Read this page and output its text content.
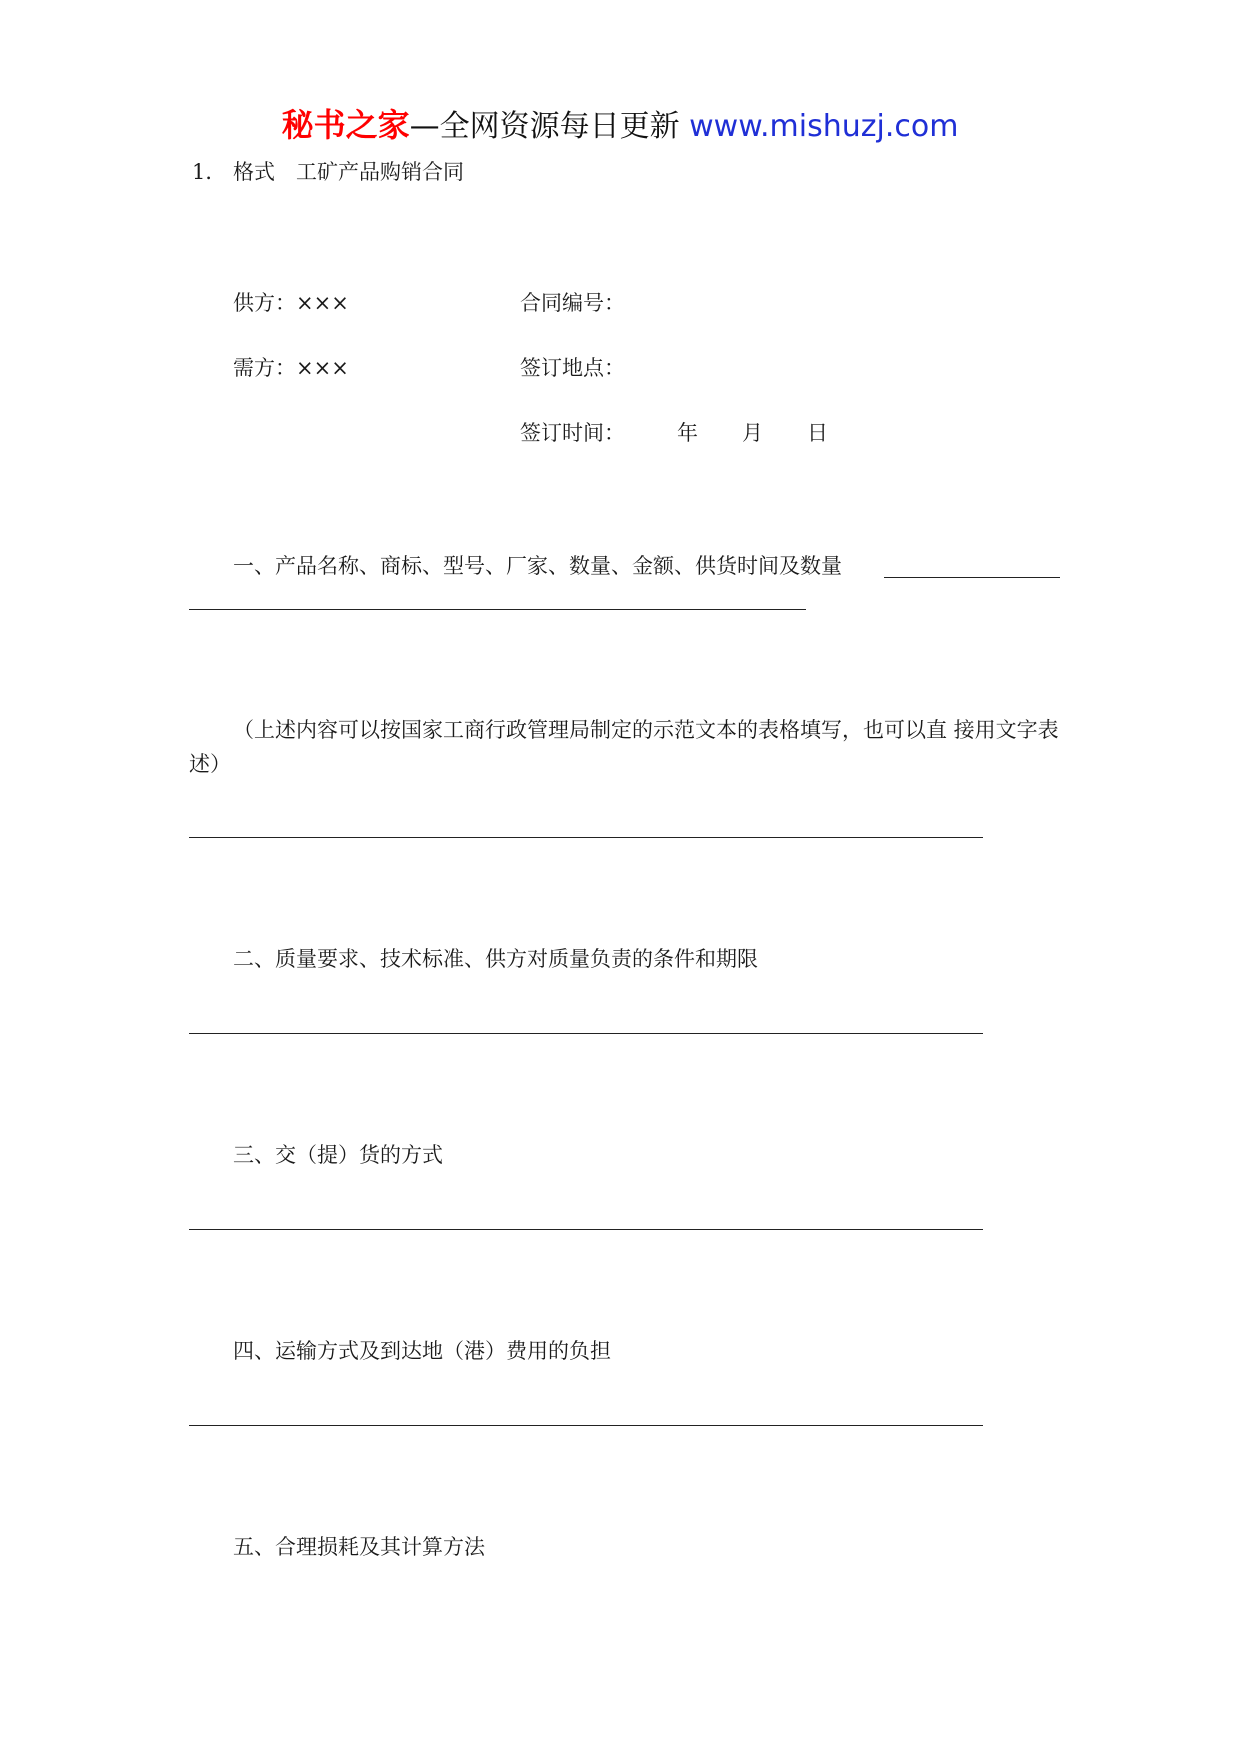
秘书之家—全网资源每日更新 www.mishuzj.com
1． 格式　工矿产品购销合同
供方：×××	合同编号：
需方：×××	签订地点：
签订时间： 年 月 日
一、产品名称、商标、型号、厂家、数量、金额、供货时间及数量
（上述内容可以按国家工商行政管理局制定的示范文本的表格填写，也可以直 接用文字表述）
二、质量要求、技术标准、供方对质量负责的条件和期限
三、交（提）货的方式
四、运输方式及到达地（港）费用的负担
五、合理损耗及其计算方法
